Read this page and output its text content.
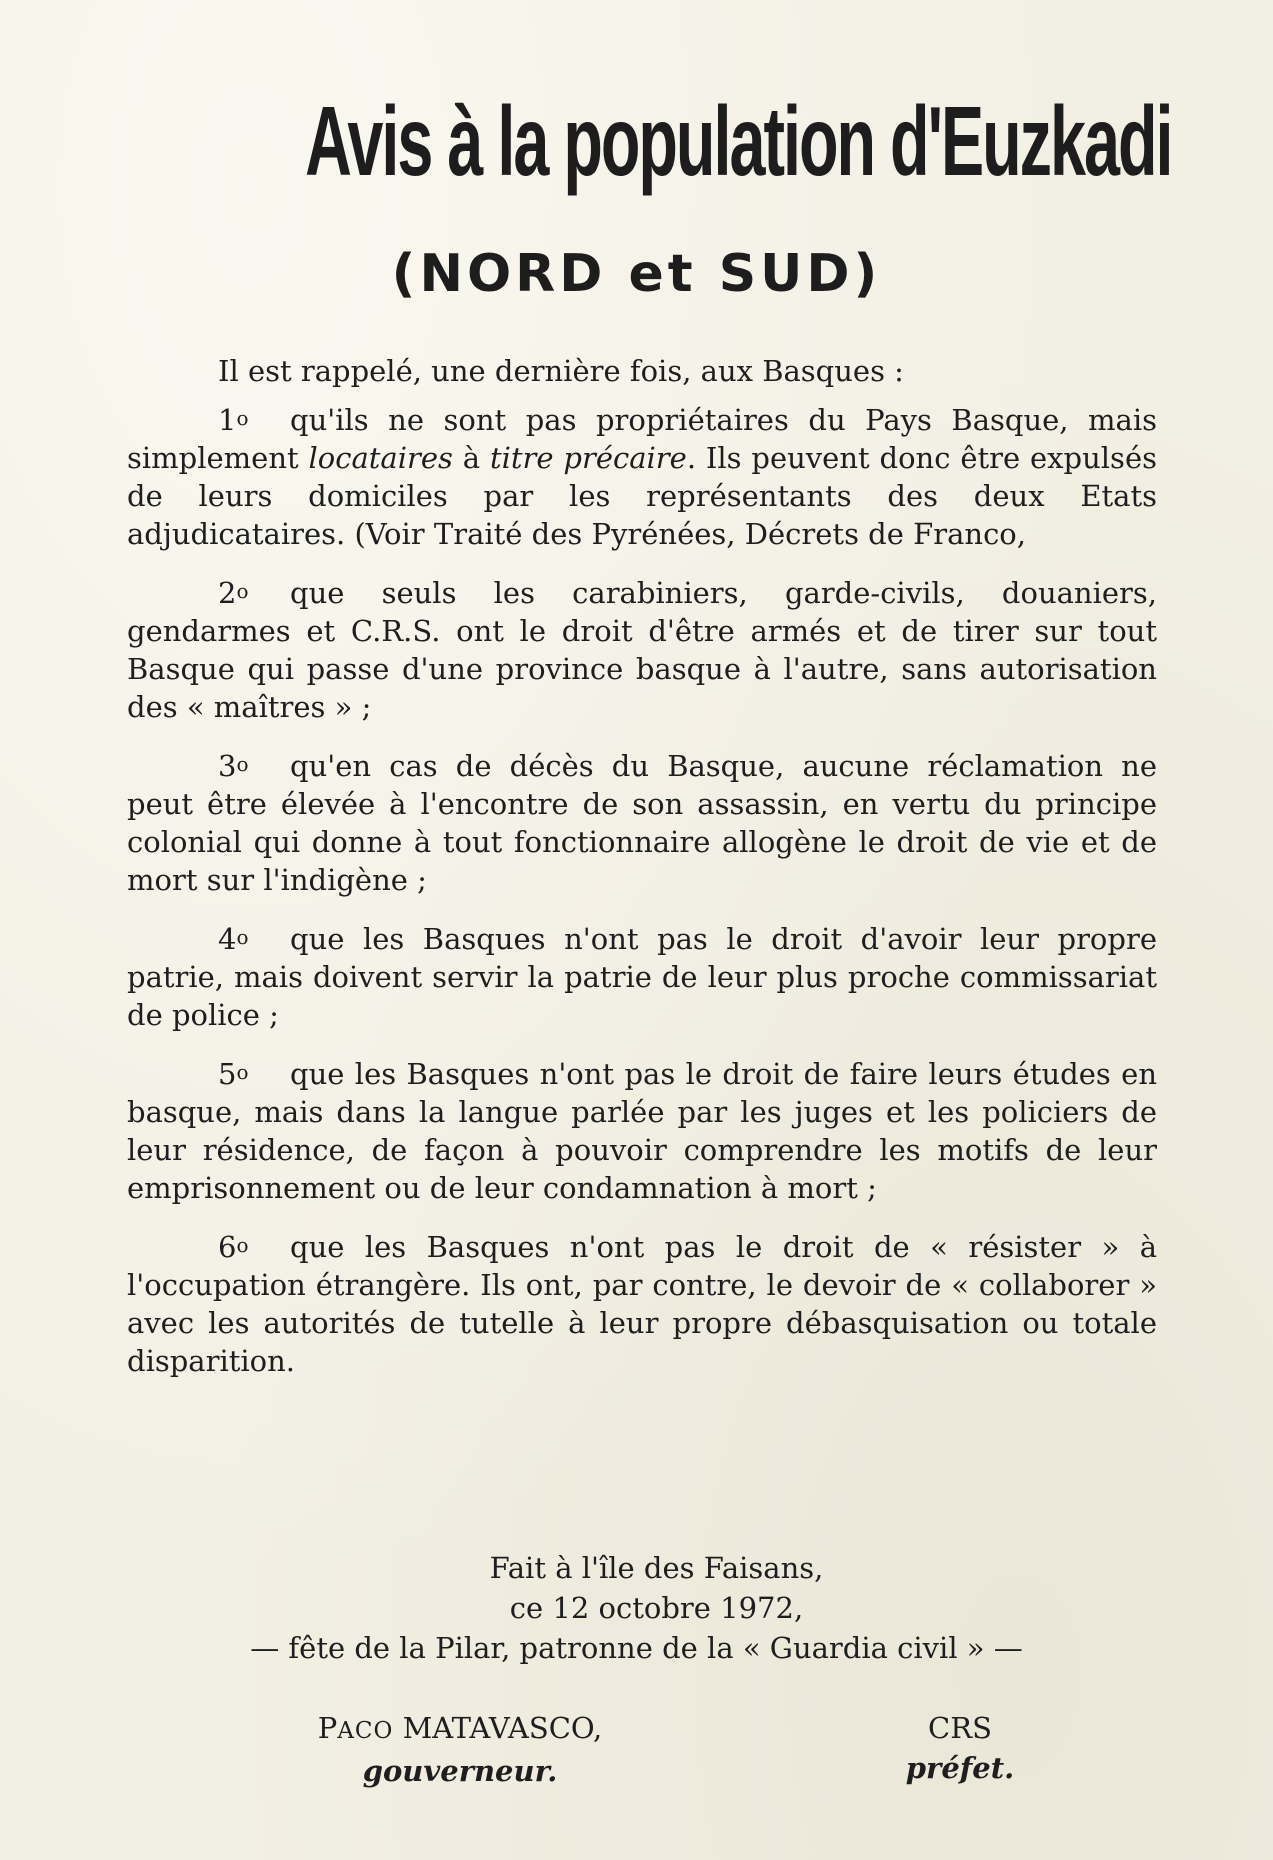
Avis à la population d'Euzkadi
(NORD et SUD)

Il est rappelé, une dernière fois, aux Basques :

1$^o$ qu'ils ne sont pas propriétaires du Pays Basque, mais simplement locataires à titre précaire. Ils peuvent donc être expulsés de leurs domiciles par les représentants des deux Etats adjudicataires. (Voir Traité des Pyrénées, Décrets de Franco,

2$^o$ que seuls les carabiniers, garde-civils, douaniers, gendarmes et C.R.S. ont le droit d'être armés et de tirer sur tout Basque qui passe d'une province basque à l'autre, sans autorisation des « maîtres » ;

3$^o$ qu'en cas de décès du Basque, aucune réclamation ne peut être élevée à l'encontre de son assassin, en vertu du principe colonial qui donne à tout fonctionnaire allogène le droit de vie et de mort sur l'indigène ;

4$^o$ que les Basques n'ont pas le droit d'avoir leur propre patrie, mais doivent servir la patrie de leur plus proche commissariat de police ;

5$^o$ que les Basques n'ont pas le droit de faire leurs études en basque, mais dans la langue parlée par les juges et les policiers de leur résidence, de façon à pouvoir comprendre les motifs de leur emprisonnement ou de leur condamnation à mort ;

6$^o$ que les Basques n'ont pas le droit de « résister » à l'occupation étrangère. Ils ont, par contre, le devoir de « collaborer » avec les autorités de tutelle à leur propre débasquisation ou totale disparition.

Fait à l'île des Faisans,
ce 12 octobre 1972,
— fête de la Pilar, patronne de la « Guardia civil » —
PACO MATAVASCO,
gouverneur.
CRS
préfet.
